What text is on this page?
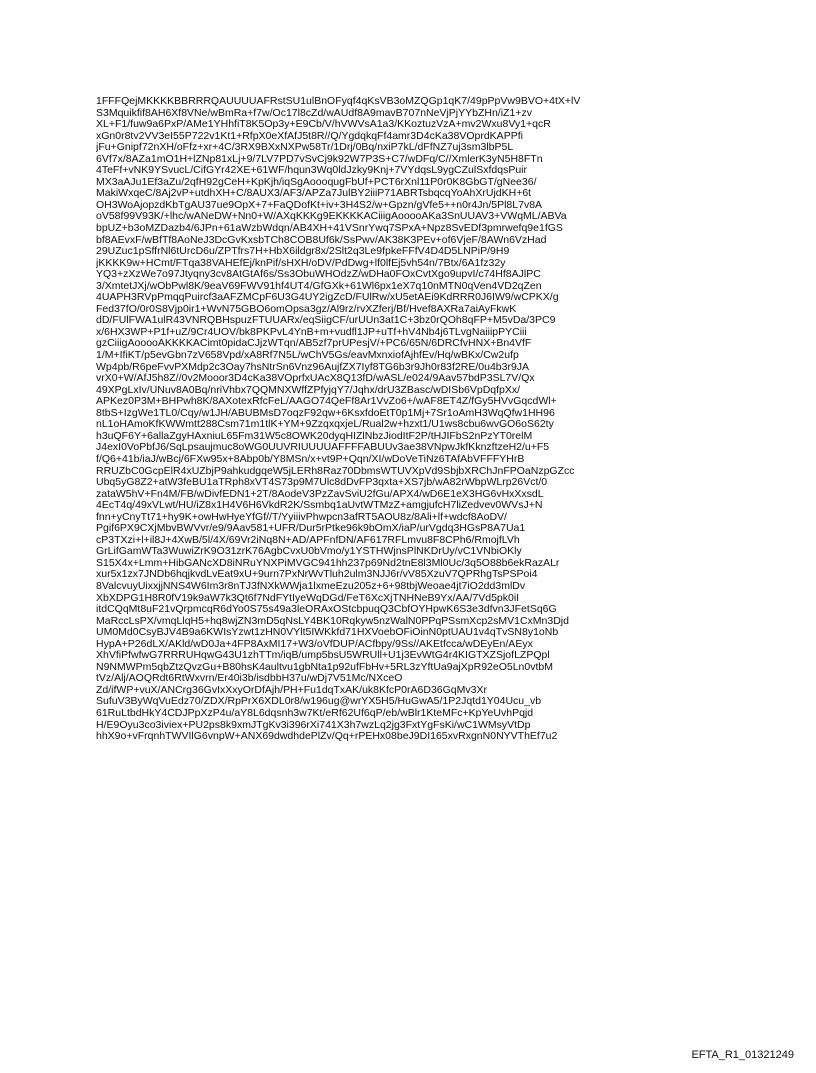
1FFFQejMKKKKBBRRRQAUUUUAFRstSU1ulBnOFyqf4qKsVB3oMZQGp1qK7/49pPpVw9BVO+4tX+lV
S3Mquikfif8AH6Xf8VNe/wBmRa+f7w/Oc17l8cZd/wAUdf8A9mavB707nNeVjPjYYbZHn/iZ1+zv
XL+F1/fuw9a6PxP/AMe1YHhfiT8K5Op3y+E9Cb/V/hVWVsA1a3/KKoztuzVzA+mv2Wxu8Vy1+qcR
xGn0r8tv2VV3eI55P722v1Kt1+RfpX0eXfAfJ5t8R//Q/YgdqkqFf4amr3D4cKa38VOprdKAPPfi
jFu+Gnipf72nXH/oFfz+xr+4C/3RX9BXxNXPw58Tr/1Drj/0Bq/nxiP7kL/dFfNZ7uj3sm3lbP5L
6Vf7x/8AZa1mO1H+lZNp81xLj+9/7LV7PD7vSvCj9k92W7P3S+C7/wDFq/C//XmlerK3yN5H8FTn
4TeFf+vNK9YSvucL/CifGYr42XE+61WF/hqun3Wq0ldJzky9Knj+7VYdqsL9ygCZulSxfdqsPuir
MX3aAJu1Ef3aZu/2qfH92gCeH+KpKjh/iqSgAoooqugFbUf+PCT6rXnl11P0r0K8GbGT/gNee36/
MakiWxqeC/8Aj2vP+utdhXH+C/8AUX3/AF3/APZa7JulBY2iiiP71ABRTsbqcqYoAhXrUjdKH+6t
OH3WoAjopzdKbTgAU37ue9OpX+7+FaQDofKt+iv+3H4S2/w+Gpzn/gVfe5++n0r4Jn/5Pl8L7v8A
oV58f99V93K/+lhc/wANeDW+Nn0+W/AXqKKKg9EKKKKACiiigAooooAKa3SnUUAV3+VWqML/ABVa
bpUZ+b3oMZDazb4/6JPn+61aWzbWdqn/AB4XH+41VSnrYwq7SPxA+Npz8SvEDf3pmrwefq9e1fGS
bf8AEvxF/wBfTf8AoNeJ3DcGvKxsbTCh8COB8Uf6k/SsPwv/AK38K3PEv+of6VjeF/8AWn6VzHad
29UZuc1pSffrNl6tUrcD6u/ZPTfrs7H+HbX6ildgr8x/2Slt2q3Le9fpkeFFfV4D4D5LNPiP/9H9
jKKKK9w+HCmt/FTqa38VAHEfEj/knPif/sHXH/oDV/PdDwg+lf0lfEj5vh54n/7Btx/6A1fz32y
YQ3+zXzWe7o97Jtyqny3cv8AtGtAf6s/Ss3ObuWHOdzZ/wDHa0FOxCvtXgo9upvI/c74Hf8AJlPC
3/XmtetJXj/wObPwl8K/9eaV69FWV91hf4UT4/GfGXk+61Wl6px1eX7q10nMTN0qVen4VD2qZen
4UAPH3RVpPmqqPuircf3aAFZMCpF6U3G4UY2igZcD/FUlRw/xU5etAEi9KdRRR0J6IW9/wCPKX/g
Fed37fO/0r0S8Vjp0ir1+WvN75GBO6omOpsa3gz/Al9rz/rvXZferj/Bf/Hvef8AXRa7aiAyFkwK
dD/FUlFWA1ulR43VNRQBHspuzFTUUARx/eqSiigCF/urUUn3at1C+3bz0rQOh8qFP+M5vDa/3PC9
x/6HX3WP+P1f+uZ/9Cr4UOV/bk8PKPvL4YnB+m+vudfl1JP+uTf+hV4Nb4j6TLvgNaiiipPYCiii
gzCiiigAooooAKKKKACimt0pidaCJjzWTqn/AB5zf7prUPesjV/+PC6/65N/6DRCfvHNX+Bn4VfF
1/M+IfiKT/p5evGbn7zV658Vpd/xA8Rf7N5L/wChV5Gs/eavMxnxiofAjhfEv/Hq/wBKx/Cw2ufp
Wp4pb/R6peFvvPXMdp2c3Oay7hsNtrSn6Vnz96AujfZX7Iyf8TG6b3r9Jh0r83f2RE/0u4b3r9JA
vrX0+W/AfJ5h8Z//0v2Mooor3D4cKa38VOprfxUAcX8Q13fD/wASL/e024/9Aav57bdP3SL7V/Qx
49XPgLxIv/UNuv8A0Bq/nriVhbx7QQMNXWffZPfyjqY7/Jqhx/drU3ZBasc/wDISb6VpDqfpXx/
APKez0P3M+BHPwh8K/8AXotexRfcFeL/AAGO74QeFf8Ar1VvZo6+/wAF8ET4Z/fGy5HVvGqcdWl+
8tbS+IzgWe1TL0/Cqy/w1JH/ABUBMsD7oqzF92qw+6KsxfdoEtT0p1Mj+7Sr1oAmH3WqQfw1HH96
nL1oHAmoKfKWWmtt288Csm71m1tlK+YM+9ZzqxqxjeL/Rual2w+hzxt1/U1ws8cbu6wvGO6oS62ty
h3uQF6Y+6allaZgyHAxniuL65Fm31W5c8OWK20dyqHIZlNbzJiodItF2P/tHJIFbS2nPzYT0relM
J4exI0VoPbfJ6/SqLpsaujmuc8oWG0UUVRIUUUUAFFFFABUUv3ae38VNpwJkfKknzftzeH2/u+F5
f/Q6+41b/iaJ/wBcj/6FXw95x+8Abp0b/Y8MSn/x+vt9P+Qqn/XI/wDoVeTiNz6TAfAbVFFFYHrB
RRUZbC0GcpElR4xUZbjP9ahkudgqeW5jLERh8Raz70DbmsWTUVXpVd9SbjbXRChJnFPOaNzpGZcc
Ubq5yG8Z2+atW3feBU1aTRph8xVT4S73p9M7Ulc8dDvFP3qxta+XS7jb/wA82rWbpWLrp26Vct/0
zataW5hV+Fn4M/FB/wDivfEDN1+2T/8AodeV3PzZavSviU2fGu/APX4/wD6E1eX3HG6vHxXxsdL
4EcT4q/49xVLwt/HU/iZ8x1H4V6H6VkdR2K/Ssmbq1aUvtWTMzZ+amgjufcH7liZedvev0WVsJ+N
fnn+yCnyTt71+hy9K+owHwHyeYfGf//T/YyiiivPhwpcn3afRT5AOU8z/8Ali+lf+wdcf8AoDV/
Pgif6PX9CXjMbvBWVvr/e9/9Aav581+UFR/Dur5rPtke96k9bOmX/iaP/urVgdq3HGsP8A7Ua1
cP3TXzi+l+il8J+4XwB/5l/4X/69Vr2iNq8N+AD/APFnfDN/AF617RFLmvu8F8CPh6/RmojfLVh
GrLifGamWTa3WuwiZrK9O31zrK76AgbCvxU0bVmo/y1YSTHWjnsPlNKDrUy/vC1VNbiOKly
S15X4x+Lmm+HibGANcXD8iNRuYNXPiMVGC941hh237p69Nd2tnE8l3Ml0Uc/3q5O88b6ekRazALr
xur5x1zx7JNDb6hqjkvdLvEat9xU+9urn7PxNrWvTluh2ulm3NJJ6r/vV85XzuV7QPRhgTsPSPoi4
8ValcvuyUixxjjNNS4W6Im3r8nTJ3fNXkWWja1lxmeEzu205z+6+98tbjWeoae4jt7iO2dd3mlDv
XbXDPG1H8R0fV19k9aW7k3Qt6f7NdFYtIyeWqDGd/FeT6XcXjTNHNeB9Yx/AA/7Vd5pk0iI
itdCQqMt8uF21vQrpmcqR6dYo0S75s49a3leORAxOStcbpuqQ3CbfOYHpwK6S3e3dfvn3JFetSq6G
MaRccLsPX/vmqLlqH5+hq8wjZN3mD5qNsLY4BK10Rqkyw5nzWalN0PPqPSsmXcp2sMV1CxMn3Djd
UM0Md0CsyBJV4B9a6KWIsYzwt1zHN0VYlt5IWKkfd71HXVoebOFiOinN0ptUAU1v4qTvSN8y1oNb
HypA+P26dLX/AKld/wD0Ja+4FP8AxMI17+W3/oVfDUP/ACfbpy/9Ss//AKEtfcca/wDEyEn/AEyx
XhVfiPfwfwG7RRRUHqwG43U1zhTTm/iqB/ump5bsU5WRUll+U1j3EvWtG4r4KIGTXZSjofLZPQpl
N9NMWPm5qbZtzQvzGu+B80hsK4aultvu1gbNta1p92ufFbHv+5RL3zYftUa9ajXpR92eO5Ln0vtbM
tVz/Alj/AOQRdt6RtWxvrn/Er40i3b/isdbbH37u/wDj7V51Mc/NXceO
Zd/ifWP+vuX/ANCrg36GvIxXxyOrDfAjh/PH+Fu1dqTxAK/uk8KfcP0rA6D36GqMv3Xr
SufuV3ByWqVuEdz70/ZDX/RpPrX6XDL0r8/w196ug@wrYX5H5/HuGwA5/1P2Jqtd1Y04Ucu_vb
61RuLtbdHkY4CDJPpXzP4u/aY8L6dqsnh3w7Kt/eRf62Uf6qP/eb/wBlr1KteMFc+KpYeUvhPqjd
H/E9Oyu3co3iviex+PU2ps8k9xmJTgKv3i396rXi741X3h7wzLq2jg3FxtYgFsKi/wC1WMsyVtDp
hhX9o+vFrqnhTWVIlG6vnpW+ANX69dwdhdePlZv/Qq+rPEHx08beJ9DI165xvRxgnN0NYVThEf7u2
EFTA_R1_01321249
